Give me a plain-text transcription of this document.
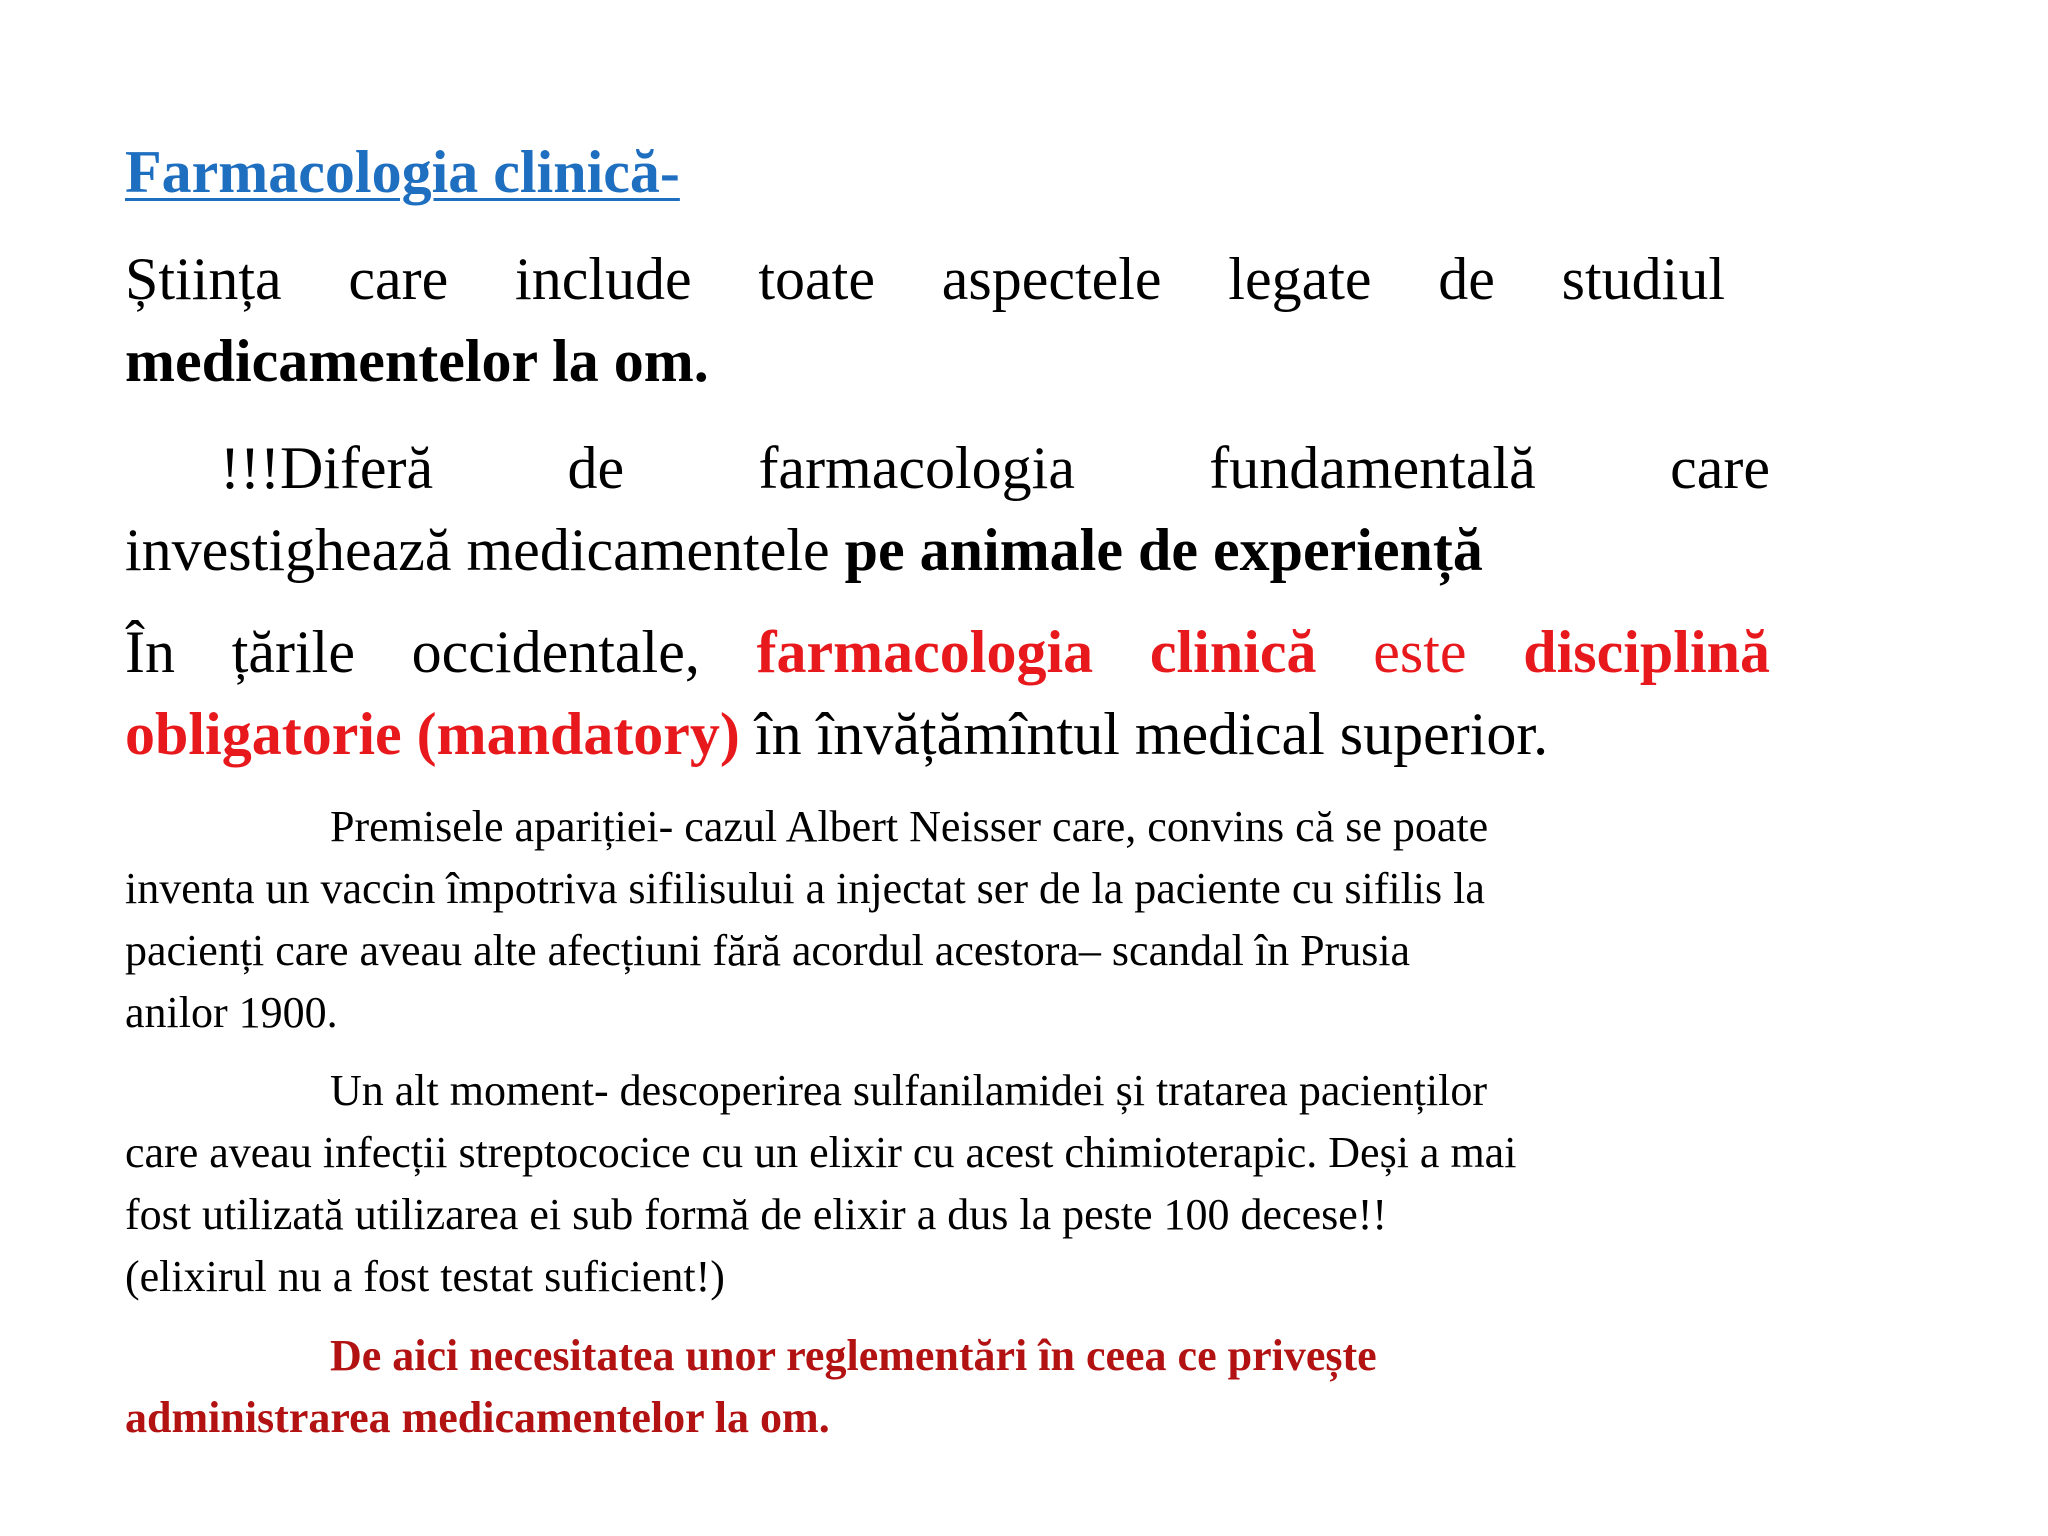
Farmacologia clinică-
Știința care include toate aspectele legate de studiul
medicamentelor la om.
!!!Diferă de farmacologia fundamentală care
investighează medicamentele pe animale de experiență
În țările occidentale, farmacologia clinică este disciplină
obligatorie (mandatory) în învățămîntul medical superior.
Premisele apariției- cazul Albert Neisser care, convins că se poate
inventa un vaccin împotriva sifilisului a injectat ser de la paciente cu sifilis la
pacienți care aveau alte afecțiuni fără acordul acestora– scandal în Prusia
anilor 1900.
Un alt moment- descoperirea sulfanilamidei și tratarea pacienților
care aveau infecții streptococice cu un elixir cu acest chimioterapic. Deși a mai
fost utilizată utilizarea ei sub formă de elixir a dus la peste 100 decese!!
(elixirul nu a fost testat suficient!)
De aici necesitatea unor reglementări în ceea ce privește
administrarea medicamentelor la om.
